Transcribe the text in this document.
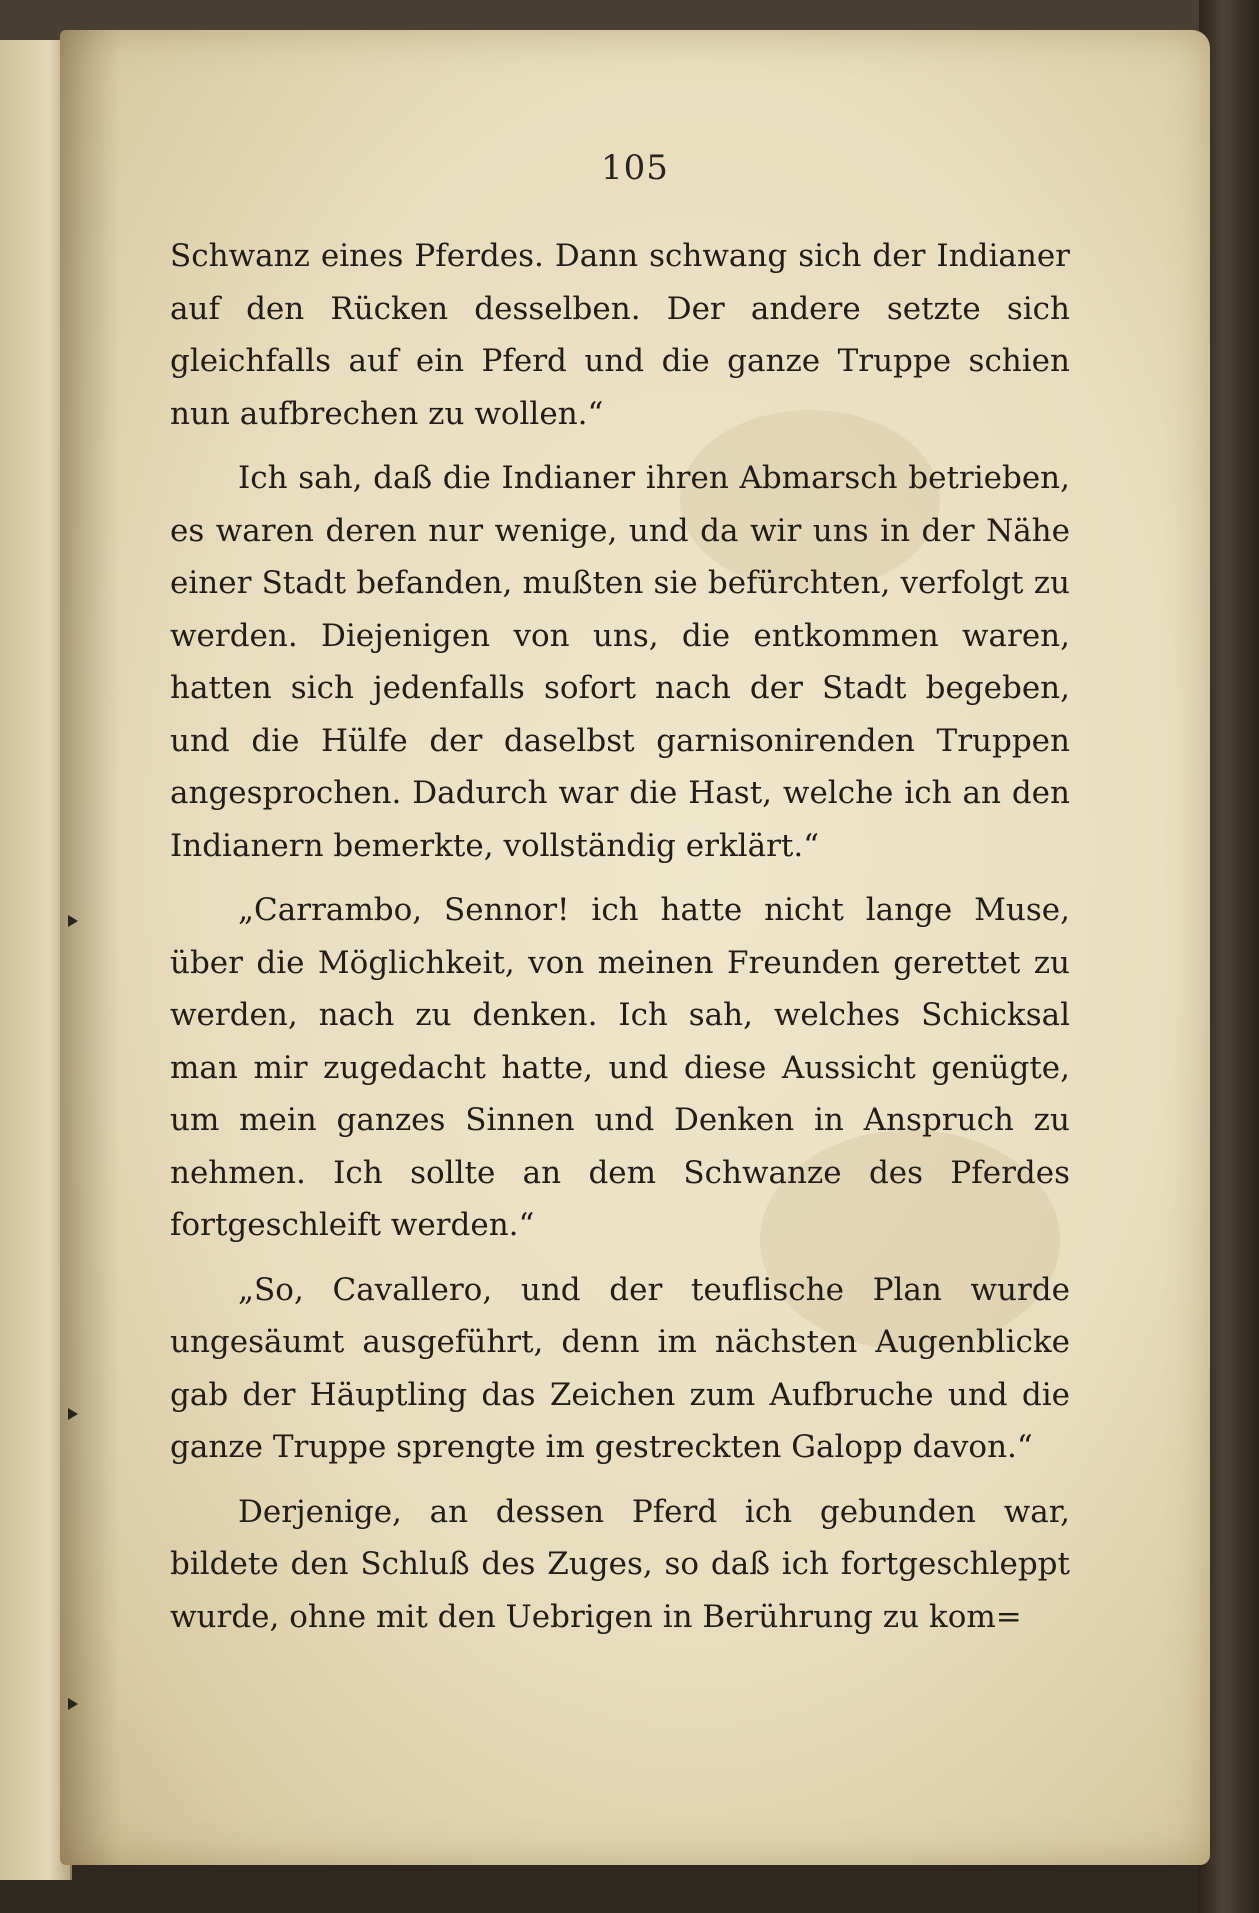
105

Schwanz eines Pferdes. Dann schwang sich der Indianer auf den Rücken desselben. Der andere setzte sich gleichfalls auf ein Pferd und die ganze Truppe schien nun aufbrechen zu wollen.“

Ich sah, daß die Indianer ihren Abmarsch betrieben, es waren deren nur wenige, und da wir uns in der Nähe einer Stadt befanden, mußten sie befürchten, verfolgt zu werden. Diejenigen von uns, die entkommen waren, hatten sich jedenfalls sofort nach der Stadt begeben, und die Hülfe der daselbst garnisonirenden Truppen angesprochen. Dadurch war die Hast, welche ich an den Indianern bemerkte, vollständig erklärt.“

„Carrambo, Sennor! ich hatte nicht lange Muse, über die Möglichkeit, von meinen Freunden gerettet zu werden, nach zu denken. Ich sah, welches Schicksal man mir zugedacht hatte, und diese Aussicht genügte, um mein ganzes Sinnen und Denken in Anspruch zu nehmen. Ich sollte an dem Schwanze des Pferdes fortgeschleift werden.“

„So, Cavallero, und der teuflische Plan wurde ungesäumt ausgeführt, denn im nächsten Augenblicke gab der Häuptling das Zeichen zum Aufbruche und die ganze Truppe sprengte im gestreckten Galopp davon.“

Derjenige, an dessen Pferd ich gebunden war, bildete den Schluß des Zuges, so daß ich fortgeschleppt wurde, ohne mit den Uebrigen in Berührung zu kom=
